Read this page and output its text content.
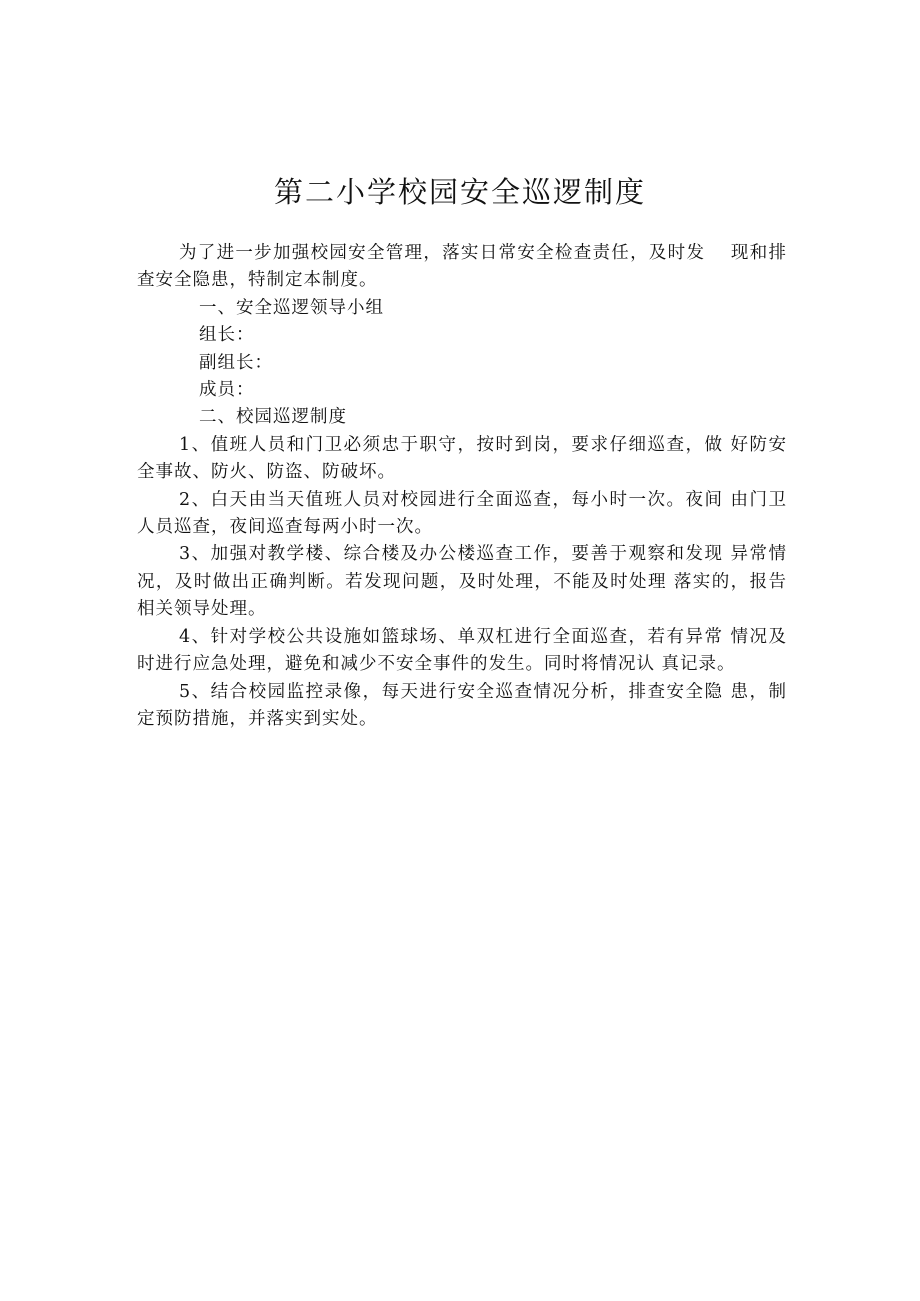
第二小学校园安全巡逻制度

为了进一步加强校园安全管理，落实日常安全检查责任，及时发　 现和排查安全隐患，特制定本制度。

一、安全巡逻领导小组

组长：

副组长：

成员：

二、校园巡逻制度

1、值班人员和门卫必须忠于职守，按时到岗，要求仔细巡查，做 好防安全事故、防火、防盗、防破坏。

2、白天由当天值班人员对校园进行全面巡查，每小时一次。夜间 由门卫人员巡查，夜间巡查每两小时一次。

3、加强对教学楼、综合楼及办公楼巡查工作，要善于观察和发现 异常情况，及时做出正确判断。若发现问题，及时处理，不能及时处理 落实的，报告相关领导处理。

4、针对学校公共设施如篮球场、单双杠进行全面巡查，若有异常 情况及时进行应急处理，避免和减少不安全事件的发生。同时将情况认 真记录。

5、结合校园监控录像，每天进行安全巡查情况分析，排查安全隐 患，制定预防措施，并落实到实处。
